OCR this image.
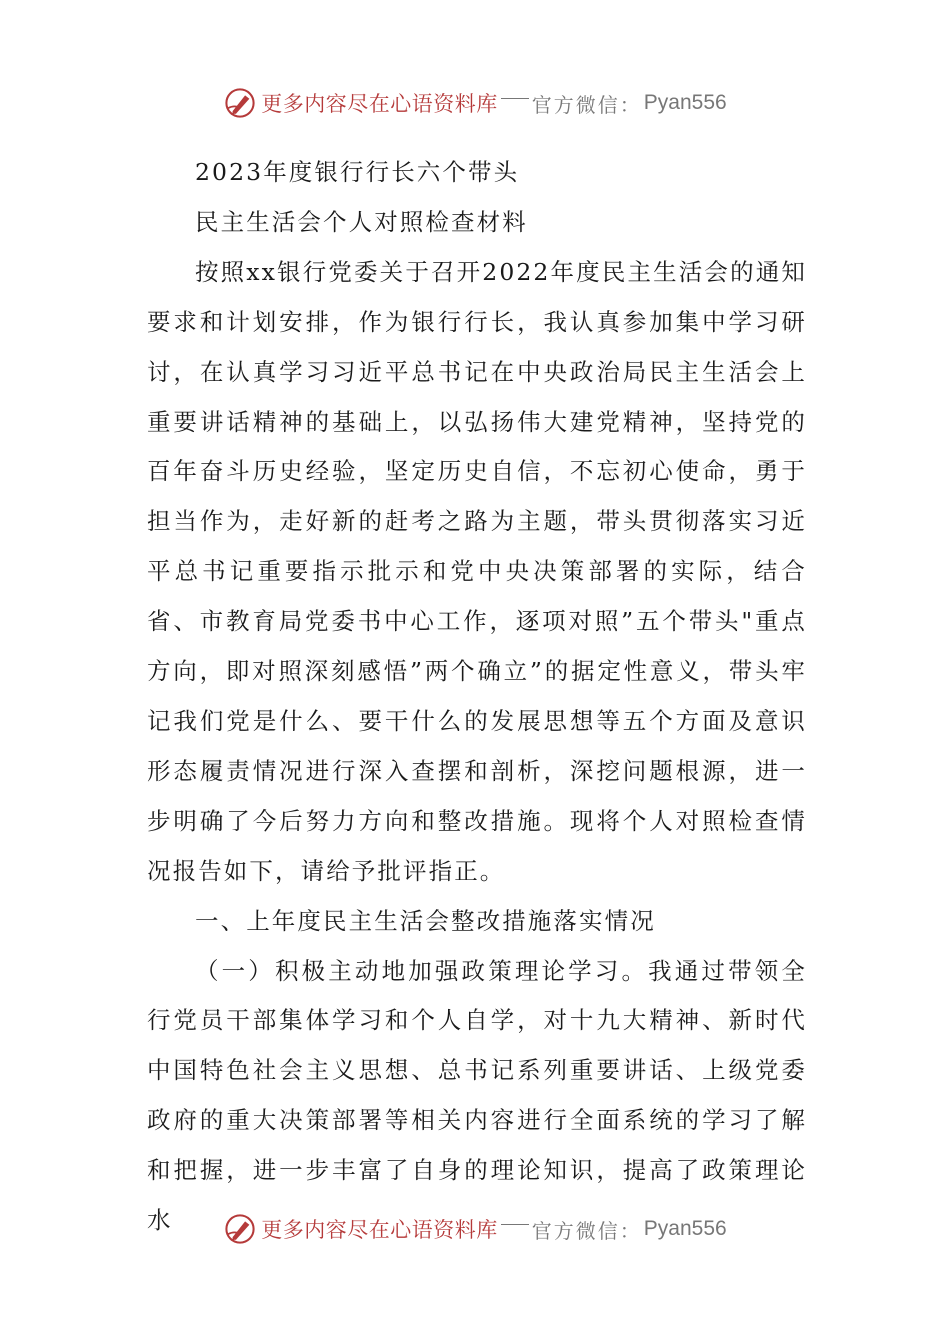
更多内容尽在心语资料库 官方微信： Pyan556

2023年度银行行长六个带头

民主生活会个人对照检查材料

按照xx银行党委关于召开2022年度民主生活会的通知要求和计划安排，作为银行行长，我认真参加集中学习研讨，在认真学习习近平总书记在中央政治局民主生活会上重要讲话精神的基础上，以弘扬伟大建党精神，坚持党的百年奋斗历史经验，坚定历史自信，不忘初心使命，勇于担当作为，走好新的赶考之路为主题，带头贯彻落实习近平总书记重要指示批示和党中央决策部署的实际，结合省、市教育局党委书中心工作，逐项对照”五个带头"重点方向，即对照深刻感悟”两个确立”的据定性意义，带头牢记我们党是什么、要干什么的发展思想等五个方面及意识形态履责情况进行深入查摆和剖析，深挖问题根源，进一步明确了今后努力方向和整改措施。现将个人对照检查情况报告如下，请给予批评指正。

一、上年度民主生活会整改措施落实情况

（一）积极主动地加强政策理论学习。我通过带领全行党员干部集体学习和个人自学，对十九大精神、新时代中国特色社会主义思想、总书记系列重要讲话、上级党委政府的重大决策部署等相关内容进行全面系统的学习了解和把握，进一步丰富了自身的理论知识，提高了政策理论水	更多内容尽在心语资料库 官方微信： Pyan556
